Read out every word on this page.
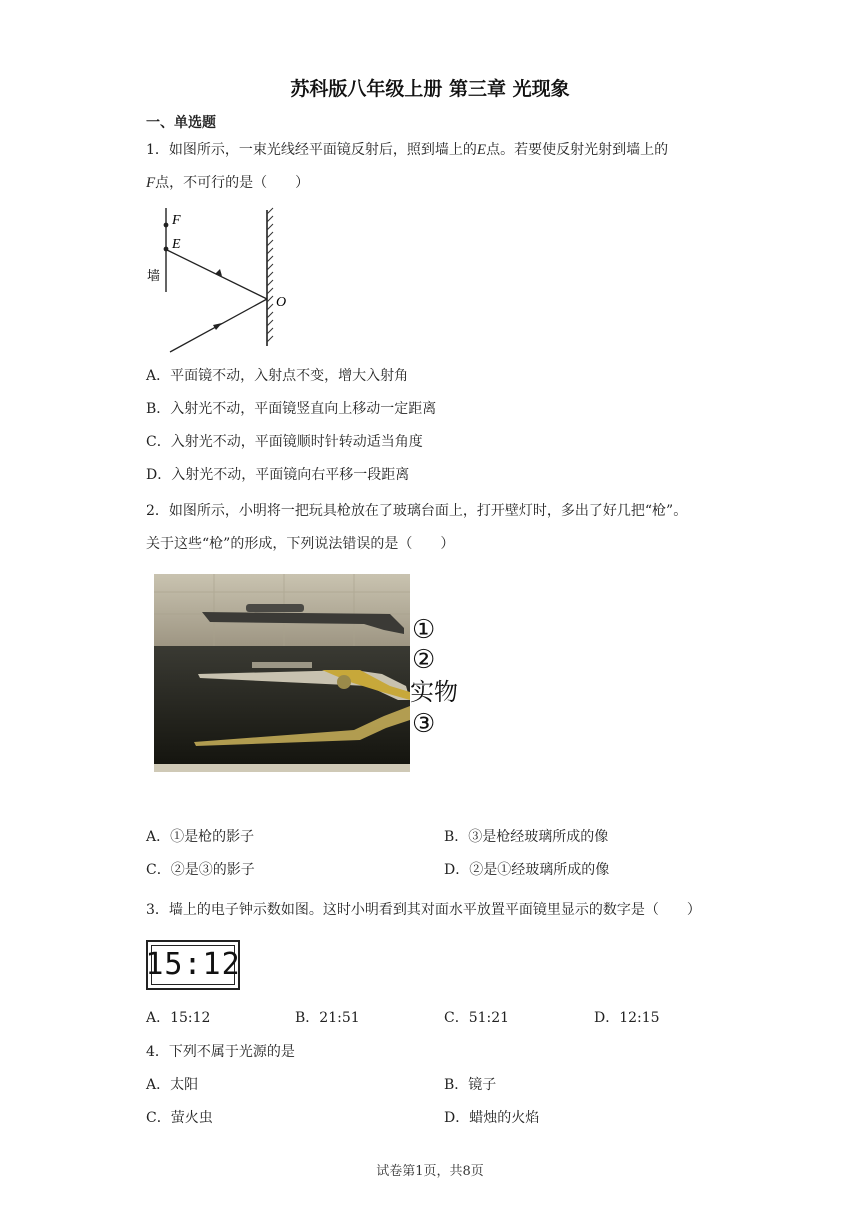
苏科版八年级上册 第三章 光现象
一、单选题
1．如图所示，一束光线经平面镜反射后，照到墙上的E点。若要使反射光射到墙上的
F点，不可行的是（　　）
F
E
墙
O
A．平面镜不动，入射点不变，增大入射角
B．入射光不动，平面镜竖直向上移动一定距离
C．入射光不动，平面镜顺时针转动适当角度
D．入射光不动，平面镜向右平移一段距离
2．如图所示，小明将一把玩具枪放在了玻璃台面上，打开壁灯时，多出了好几把“枪”。
关于这些“枪”的形成，下列说法错误的是（　　）
①
②
实物
③
A．①是枪的影子	B．③是枪经玻璃所成的像
C．②是③的影子	D．②是①经玻璃所成的像
3．墙上的电子钟示数如图。这时小明看到其对面水平放置平面镜里显示的数字是（　　）
15:12
A．15:12	B．21:51	C．51:21	D．12:15
4．下列不属于光源的是
A．太阳	B．镜子
C．萤火虫	D．蜡烛的火焰
试卷第1页，共8页
